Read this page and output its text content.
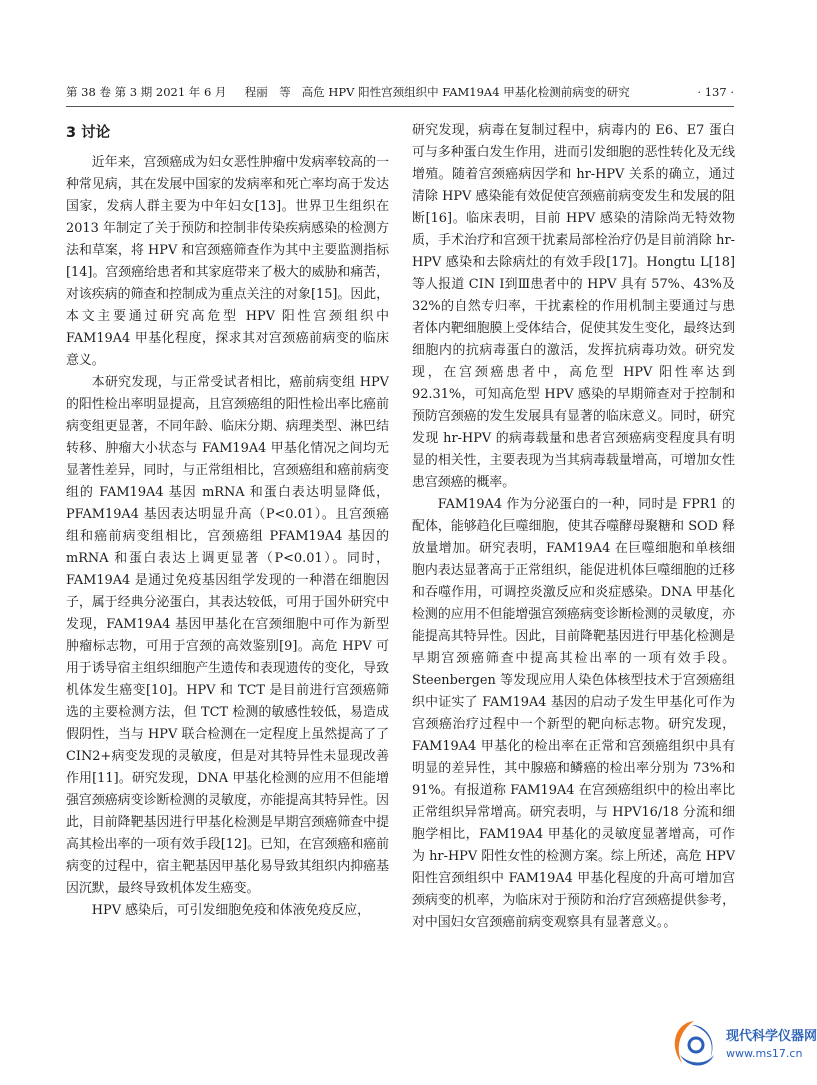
第 38 卷 第 3 期 2021 年 6 月 程丽　等 高危 HPV 阳性宫颈组织中 FAM19A4 甲基化检测前病变的研究	· 137 ·
3 讨论

近年来，宫颈癌成为妇女恶性肿瘤中发病率较高的一种常见病，其在发展中国家的发病率和死亡率均高于发达国家，发病人群主要为中年妇女[13]。世界卫生组织在 2013 年制定了关于预防和控制非传染疾病感染的检测方法和草案，将 HPV 和宫颈癌筛查作为其中主要监测指标[14]。宫颈癌给患者和其家庭带来了极大的威胁和痛苦，对该疾病的筛查和控制成为重点关注的对象[15]。因此，本文主要通过研究高危型 HPV 阳性宫颈组织中 FAM19A4 甲基化程度，探求其对宫颈癌前病变的临床意义。

本研究发现，与正常受试者相比，癌前病变组 HPV 的阳性检出率明显提高，且宫颈癌组的阳性检出率比癌前病变组更显著，不同年龄、临床分期、病理类型、淋巴结转移、肿瘤大小状态与 FAM19A4 甲基化情况之间均无显著性差异，同时，与正常组相比，宫颈癌组和癌前病变组的 FAM19A4 基因 mRNA 和蛋白表达明显降低，PFAM19A4 基因表达明显升高（P<0.01）。且宫颈癌组和癌前病变组相比，宫颈癌组 PFAM19A4 基因的 mRNA 和蛋白表达上调更显著（P<0.01）。同时，FAM19A4 是通过免疫基因组学发现的一种潜在细胞因子，属于经典分泌蛋白，其表达较低，可用于国外研究中发现，FAM19A4 基因甲基化在宫颈细胞中可作为新型肿瘤标志物，可用于宫颈的高效鉴别[9]。高危 HPV 可用于诱导宿主组织细胞产生遗传和表现遗传的变化，导致机体发生癌变[10]。HPV 和 TCT 是目前进行宫颈癌筛选的主要检测方法，但 TCT 检测的敏感性较低，易造成假阴性，当与 HPV 联合检测在一定程度上虽然提高了了 CIN2+病变发现的灵敏度，但是对其特异性未显现改善作用[11]。研究发现，DNA 甲基化检测的应用不但能增强宫颈癌病变诊断检测的灵敏度，亦能提高其特异性。因此，目前降靶基因进行甲基化检测是早期宫颈癌筛查中提高其检出率的一项有效手段[12]。已知，在宫颈癌和癌前病变的过程中，宿主靶基因甲基化易导致其组织内抑癌基因沉默，最终导致机体发生癌变。

HPV 感染后，可引发细胞免疫和体液免疫反应，

研究发现，病毒在复制过程中，病毒内的 E6、E7 蛋白可与多种蛋白发生作用，进而引发细胞的恶性转化及无线增殖。随着宫颈癌病因学和 hr-HPV 关系的确立，通过清除 HPV 感染能有效促使宫颈癌前病变发生和发展的阻断[16]。临床表明，目前 HPV 感染的清除尚无特效物质，手术治疗和宫颈干扰素局部栓治疗仍是目前消除 hr-HPV 感染和去除病灶的有效手段[17]。Hongtu L[18]等人报道 CIN Ⅰ到Ⅲ患者中的 HPV 具有 57%、43%及 32%的自然专归率，干扰素栓的作用机制主要通过与患者体内靶细胞膜上受体结合，促使其发生变化，最终达到细胞内的抗病毒蛋白的激活，发挥抗病毒功效。研究发现，在宫颈癌患者中，高危型 HPV 阳性率达到 92.31%，可知高危型 HPV 感染的早期筛查对于控制和预防宫颈癌的发生发展具有显著的临床意义。同时，研究发现 hr-HPV 的病毒载量和患者宫颈癌病变程度具有明显的相关性，主要表现为当其病毒载量增高，可增加女性患宫颈癌的概率。

FAM19A4 作为分泌蛋白的一种，同时是 FPR1 的配体，能够趋化巨噬细胞，使其吞噬酵母聚糖和 SOD 释放量增加。研究表明，FAM19A4 在巨噬细胞和单核细胞内表达显著高于正常组织，能促进机体巨噬细胞的迁移和吞噬作用，可调控炎激反应和炎症感染。DNA 甲基化检测的应用不但能增强宫颈癌病变诊断检测的灵敏度，亦能提高其特异性。因此，目前降靶基因进行甲基化检测是早期宫颈癌筛查中提高其检出率的一项有效手段。Steenbergen 等发现应用人染色体核型技术于宫颈癌组织中证实了 FAM19A4 基因的启动子发生甲基化可作为宫颈癌治疗过程中一个新型的靶向标志物。研究发现，FAM19A4 甲基化的检出率在正常和宫颈癌组织中具有明显的差异性，其中腺癌和鳞癌的检出率分别为 73%和 91%。有报道称 FAM19A4 在宫颈癌组织中的检出率比正常组织异常增高。研究表明，与 HPV16/18 分流和细胞学相比，FAM19A4 甲基化的灵敏度显著增高，可作为 hr-HPV 阳性女性的检测方案。综上所述，高危 HPV 阳性宫颈组织中 FAM19A4 甲基化程度的升高可增加宫颈病变的机率，为临床对于预防和治疗宫颈癌提供参考，对中国妇女宫颈癌前病变观察具有显著意义。。

现代科学仪器网
www.ms17.cn
